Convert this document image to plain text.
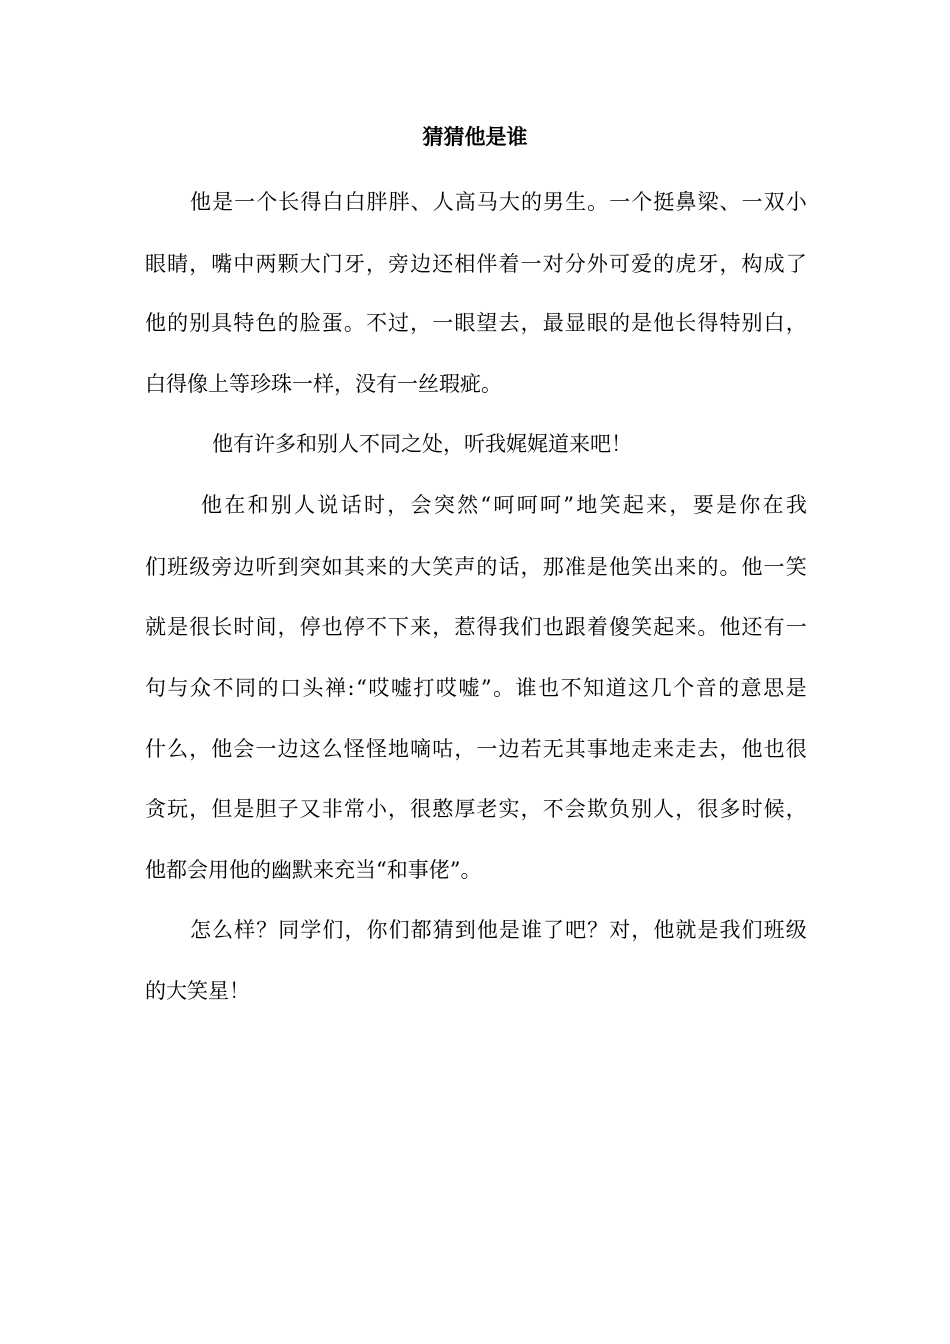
猜猜他是谁

他 是 一 个 长 得 白 白 胖 胖 、 人 高 马 大 的 男 生 。 一 个 挺 鼻 梁 、 一 双 小

眼 睛 ， 嘴 中 两 颗 大 门 牙 ， 旁 边 还 相 伴 着 一 对 分 外 可 爱 的 虎 牙 ， 构 成 了

他 的 别 具 特 色 的 脸 蛋 。 不 过 ， 一 眼 望 去 ， 最 显 眼 的 是 他 长 得 特 别 白 ，

白得像上等珍珠一样，没有一丝瑕疵。

他有许多和别人不同之处，听我娓娓道来吧！

他 在 和 别 人 说 话 时 ， 会 突 然 “ 呵 呵 呵 ” 地 笑 起 来 ， 要 是 你 在 我

们 班 级 旁 边 听 到 突 如 其 来 的 大 笑 声 的 话 ， 那 准 是 他 笑 出 来 的 。 他 一 笑

就 是 很 长 时 间 ， 停 也 停 不 下 来 ， 惹 得 我 们 也 跟 着 傻 笑 起 来 。 他 还 有 一

句 与 众 不 同 的 口 头 禅 : “ 哎 嘘 打 哎 嘘 ” 。 谁 也 不 知 道 这 几 个 音 的 意 思 是

什 么 ， 他 会 一 边 这 么 怪 怪 地 嘀 咕 ， 一 边 若 无 其 事 地 走 来 走 去 ， 他 也 很

贪 玩 ， 但 是 胆 子 又 非 常 小 ， 很 憨 厚 老 实 ， 不 会 欺 负 别 人 ， 很 多 时 候 ，

他都会用他的幽默来充当“和事佬”。

怎 么 样 ？ 同 学 们 ， 你 们 都 猜 到 他 是 谁 了 吧 ？ 对 ， 他 就 是 我 们 班 级

的大笑星！
